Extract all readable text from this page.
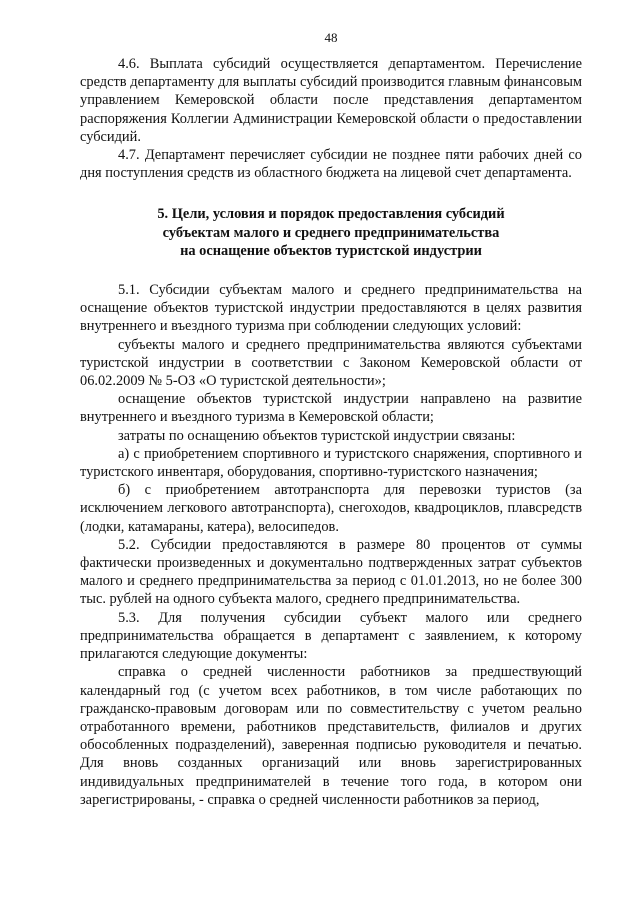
48

4.6. Выплата субсидий осуществляется департаментом. Перечисление средств департаменту для выплаты субсидий производится главным финансовым управлением Кемеровской области после представления департаментом распоряжения Коллегии Администрации Кемеровской области о предоставлении субсидий.

4.7. Департамент перечисляет субсидии не позднее пяти рабочих дней со дня поступления средств из областного бюджета на лицевой счет департамента.

5. Цели, условия и порядок предоставления субсидий
субъектам малого и среднего предпринимательства
на оснащение объектов туристской индустрии

5.1. Субсидии субъектам малого и среднего предпринимательства на оснащение объектов туристской индустрии предоставляются в целях развития внутреннего и въездного туризма при соблюдении следующих условий:

субъекты малого и среднего предпринимательства являются субъектами туристской индустрии в соответствии с Законом Кемеровской области от 06.02.2009 № 5-ОЗ «О туристской деятельности»;

оснащение объектов туристской индустрии направлено на развитие внутреннего и въездного туризма в Кемеровской области;

затраты по оснащению объектов туристской индустрии связаны:

а) с приобретением спортивного и туристского снаряжения, спортивного и туристского инвентаря, оборудования, спортивно-туристского назначения;

б) с приобретением автотранспорта для перевозки туристов (за исключением легкового автотранспорта), снегоходов, квадроциклов, плавсредств (лодки, катамараны, катера), велосипедов.

5.2. Субсидии предоставляются в размере 80 процентов от суммы фактически произведенных и документально подтвержденных затрат субъектов малого и среднего предпринимательства за период с 01.01.2013, но не более 300 тыс. рублей на одного субъекта малого, среднего предпринимательства.

5.3. Для получения субсидии субъект малого или среднего предпринимательства обращается в департамент с заявлением, к которому прилагаются следующие документы:

справка о средней численности работников за предшествующий календарный год (с учетом всех работников, в том числе работающих по гражданско-правовым договорам или по совместительству с учетом реально отработанного времени, работников представительств, филиалов и других обособленных подразделений), заверенная подписью руководителя и печатью. Для вновь созданных организаций или вновь зарегистрированных индивидуальных предпринимателей в течение того года, в котором они зарегистрированы, - справка о средней численности работников за период,
